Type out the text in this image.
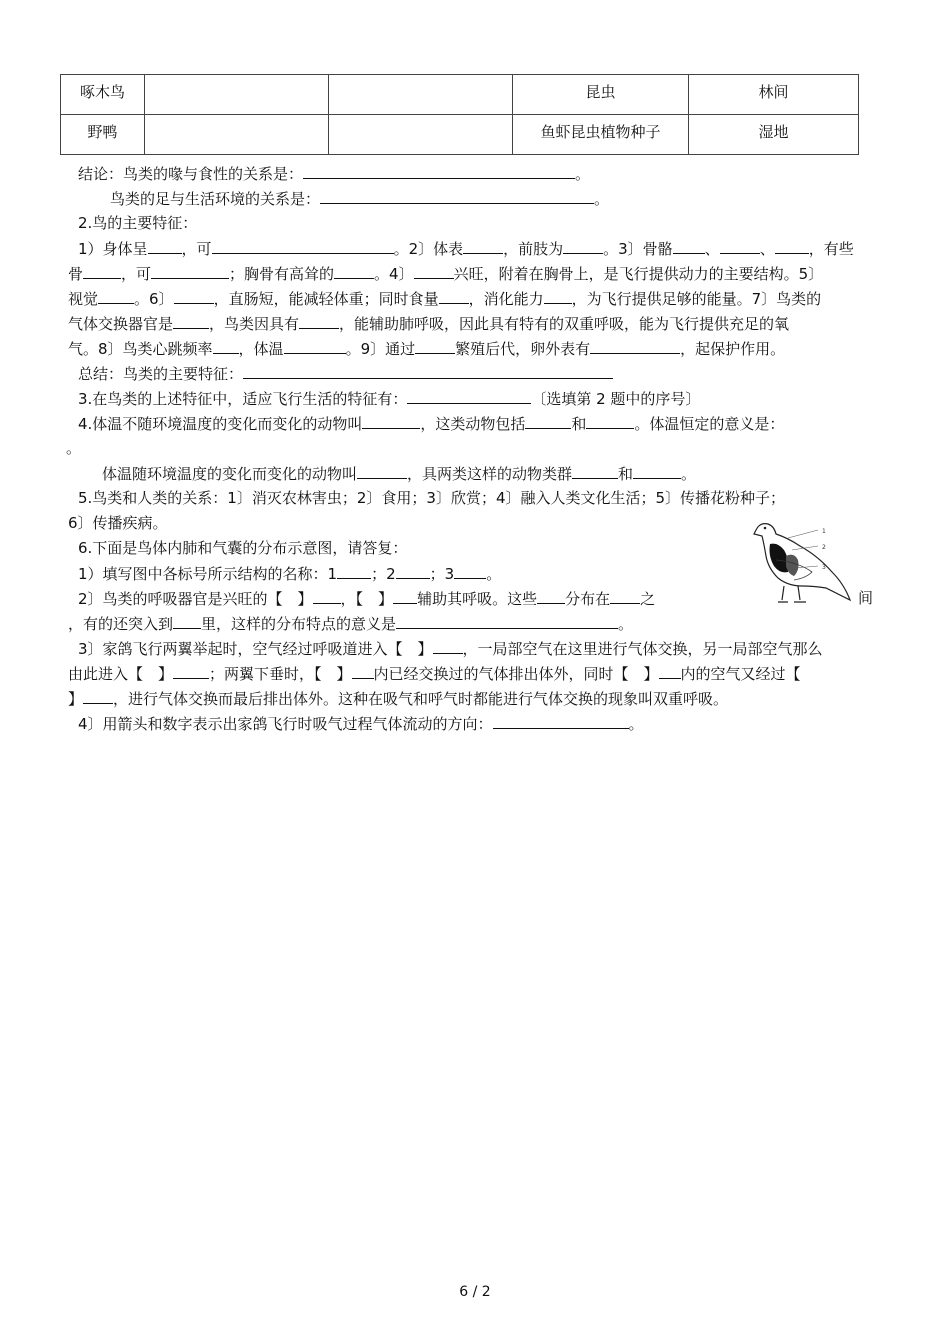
啄木鸟			昆虫	林间
野鸭			鱼虾昆虫植物种子	湿地
结论：鸟类的喙与食性的关系是：	。
鸟类的足与生活环境的关系是：	。
2.鸟的主要特征：
1）身体呈 ，可	。2〕体表	，前肢为	。3〕骨骼 、	、 ，有些
骨	，可	；胸骨有高耸的	。4〕	兴旺，附着在胸骨上，是飞行提供动力的主要结构。5〕
视觉 。6〕	，直肠短，能减轻体重；同时食量 ，消化能力 ，为飞行提供足够的能量。7〕鸟类的
气体交换器官是 ，鸟类因具有	，能辅助肺呼吸，因此具有特有的双重呼吸，能为飞行提供充足的氧
气。8〕鸟类心跳频率 ，体温	。9〕通过	繁殖后代，卵外表有	，起保护作用。
总结：鸟类的主要特征：
3.在鸟类的上述特征中，适应飞行生活的特征有：	〔选填第 2 题中的序号〕
4.体温不随环境温度的变化而变化的动物叫	，这类动物包括	和	。体温恒定的意义是：
。
体温随环境温度的变化而变化的动物叫	，具两类这样的动物类群	和	。
5.鸟类和人类的关系：1〕消灭农林害虫；2〕食用；3〕欣赏；4〕融入人类文化生活；5〕传播花粉种子；
6〕传播疾病。
6.下面是鸟体内肺和气囊的分布示意图，请答复：
1）填写图中各标号所示结构的名称：1 ；2 ；3 。
2〕鸟类的呼吸器官是兴旺的【　】 ，【　】 辅助其呼吸。这些 分布在 之	间
，有的还突入到 里，这样的分布特点的意义是	。
3〕家鸽飞行两翼举起时，空气经过呼吸道进入【　】 ，一局部空气在这里进行气体交换，另一局部空气那么
由此进入【　】 ；两翼下垂时，【　】 内已经交换过的气体排出体外，同时【　】 内的空气又经过【
】 ，进行气体交换而最后排出体外。这种在吸气和呼气时都能进行气体交换的现象叫双重呼吸。
4〕用箭头和数字表示出家鸽飞行时吸气过程气体流动的方向：	。
1
2
3
6 / 2
